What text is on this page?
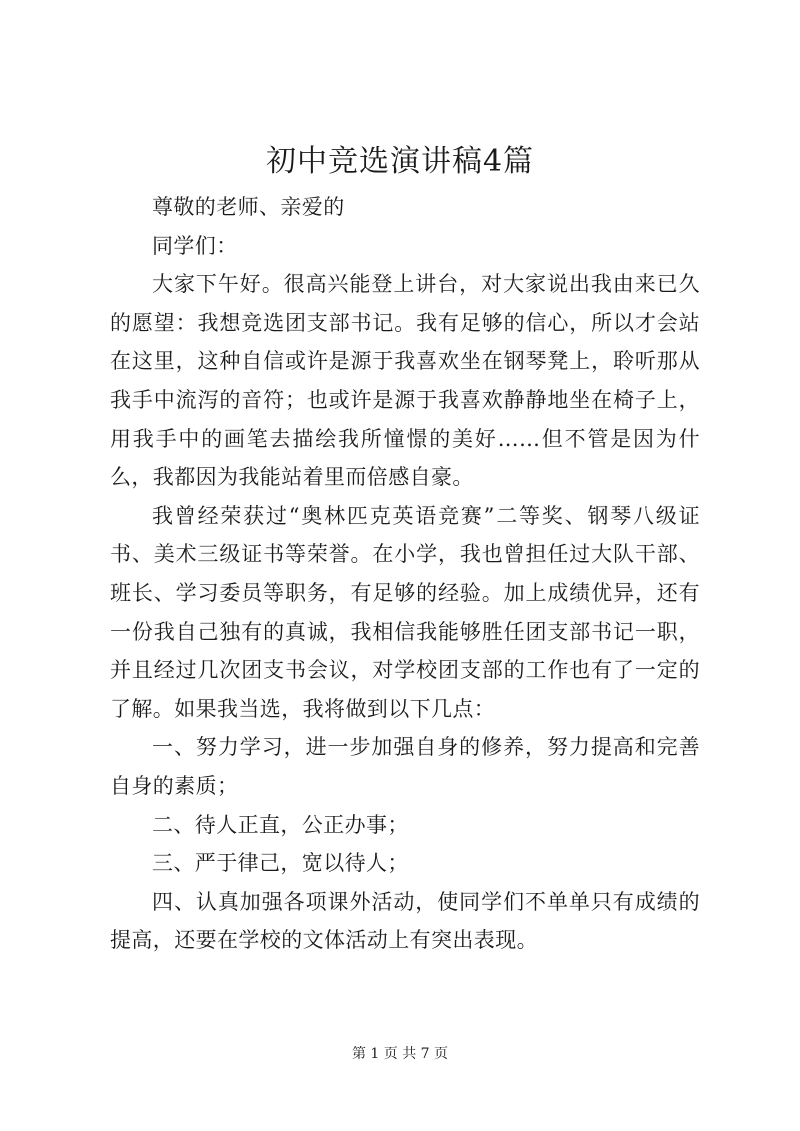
初中竞选演讲稿4篇

尊敬的老师、亲爱的

同学们：

大家下午好。很高兴能登上讲台，对大家说出我由来已久的愿望：我想竞选团支部书记。我有足够的信心，所以才会站在这里，这种自信或许是源于我喜欢坐在钢琴凳上，聆听那从我手中流泻的音符；也或许是源于我喜欢静静地坐在椅子上，用我手中的画笔去描绘我所憧憬的美好……但不管是因为什么，我都因为我能站着里而倍感自豪。

我曾经荣获过“奥林匹克英语竞赛”二等奖、钢琴八级证书、美术三级证书等荣誉。在小学，我也曾担任过大队干部、班长、学习委员等职务，有足够的经验。加上成绩优异，还有一份我自己独有的真诚，我相信我能够胜任团支部书记一职，并且经过几次团支书会议，对学校团支部的工作也有了一定的了解。如果我当选，我将做到以下几点：

一、努力学习，进一步加强自身的修养，努力提高和完善自身的素质；

二、待人正直，公正办事；

三、严于律己，宽以待人；

四、认真加强各项课外活动，使同学们不单单只有成绩的提高，还要在学校的文体活动上有突出表现。

第 1 页 共 7 页
